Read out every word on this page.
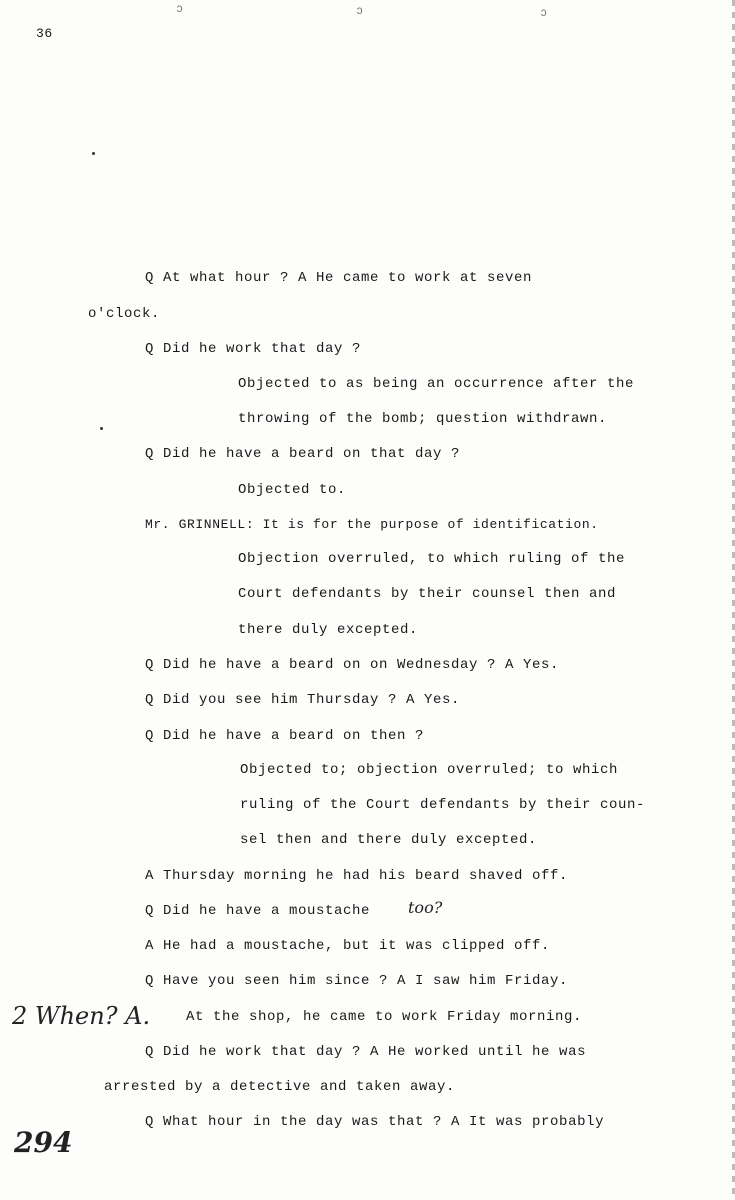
ↄ	ↄ	ↄ
36
Q At what hour ? A He came to work at seven
o'clock.
Q Did he work that day ?
Objected to as being an occurrence after the
throwing of the bomb; question withdrawn.
Q Did he have a beard on that day ?
Objected to.
Mr. GRINNELL: It is for the purpose of identification.
Objection overruled, to which ruling of the
Court defendants by their counsel then and
there duly excepted.
Q Did he have a beard on on Wednesday ? A Yes.
Q Did you see him Thursday ? A Yes.
Q Did he have a beard on then ?
Objected to; objection overruled; to which
ruling of the Court defendants by their coun-
sel then and there duly excepted.
A Thursday morning he had his beard shaved off.
Q Did he have a moustache too?
A He had a moustache, but it was clipped off.
Q Have you seen him since ? A I saw him Friday.
2 When? A.	At the shop, he came to work Friday morning.
Q Did he work that day ? A He worked until he was
arrested by a detective and taken away.
Q What hour in the day was that ? A It was probably
294
